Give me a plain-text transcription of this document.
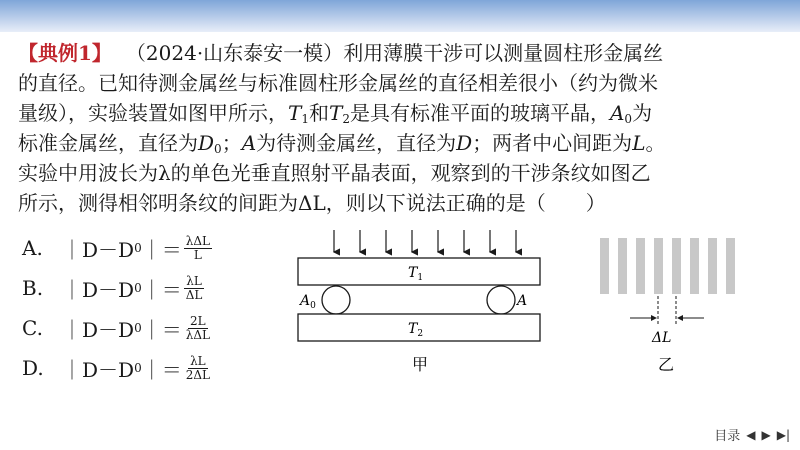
【典例1】 （2024·山东泰安一模）利用薄膜干涉可以测量圆柱形金属丝

的直径。已知待测金属丝与标准圆柱形金属丝的直径相差很小（约为微米

量级），实验装置如图甲所示，$T_1$和$T_2$是具有标准平面的玻璃平晶，$A_0$为

标准金属丝，直径为$D_0$；A为待测金属丝，直径为D；两者中心间距为L。

实验中用波长为λ的单色光垂直照射平晶表面，观察到的干涉条纹如图乙

所示，测得相邻明条纹的间距为ΔL，则以下说法正确的是（　　）

A. ｜D－D 0 ｜＝ $\frac{\text{λΔL}}{L}$
B. ｜D－D 0 ｜＝ $\frac{\lambda L}{\Delta L}$
C. ｜D－D 0 ｜＝ $\frac{2L}{\text{λΔL}}$
D. ｜D－D 0 ｜＝ $\frac{\lambda L}{2\Delta L}$
$T_1$
$A_0$	A
$T_2$
甲
ΔL
乙
目录 ◀ ▶ ▶|
